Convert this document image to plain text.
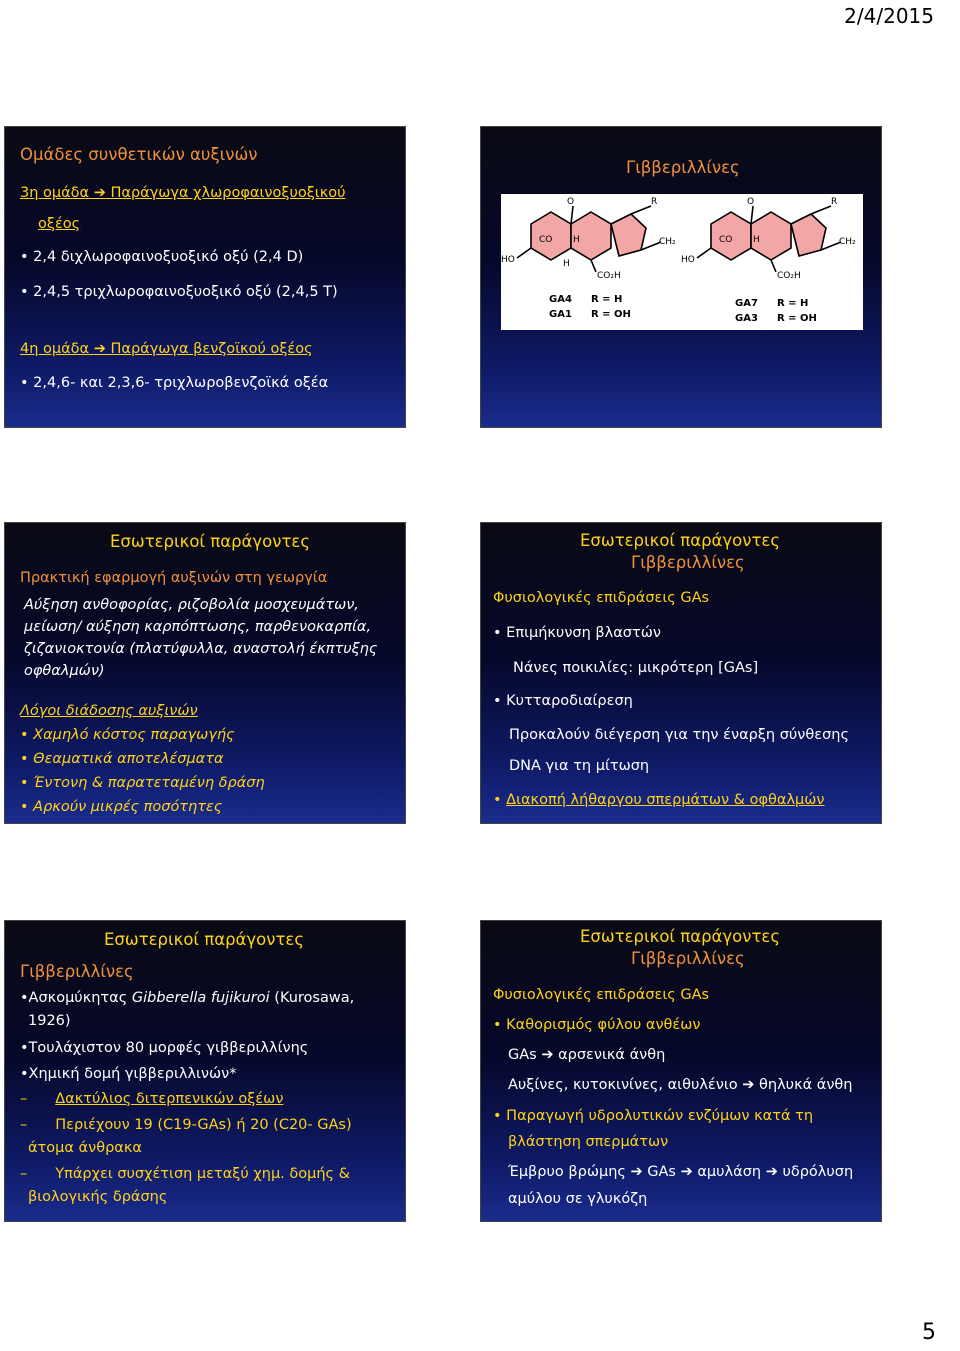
2/4/2015
Ομάδες συνθετικών αυξινών
3η ομάδα ➔ Παράγωγα χλωροφαινοξυοξικού
οξέος
• 2,4 διχλωροφαινοξυοξικό οξύ (2,4 D)
• 2,4,5 τριχλωροφαινοξυοξικό οξύ (2,4,5 Τ)
4η ομάδα ➔ Παράγωγα βενζοϊκού οξέος
• 2,4,6- και 2,3,6- τριχλωροβενζοϊκά οξέα
Γιββεριλλίνες
HO
CO
O
H
R
CH₂
H
CO₂H
HO
CO
O
H
R
CH₂
CO₂H
GA4
GA1
R = H
R = OH
GA7
GA3
R = H
R = OH
Εσωτερικοί παράγοντες
Πρακτική εφαρμογή αυξινών στη γεωργία
Αύξηση ανθοφορίας, ριζοβολία μοσχευμάτων,
μείωση/ αύξηση καρπόπτωσης, παρθενοκαρπία,
ζιζανιοκτονία (πλατύφυλλα, αναστολή έκπτυξης
οφθαλμών)
Λόγοι διάδοσης αυξινών
• Χαμηλό κόστος παραγωγής
• Θεαματικά αποτελέσματα
• Έντονη & παρατεταμένη δράση
• Αρκούν μικρές ποσότητες
Εσωτερικοί παράγοντες
Γιββεριλλίνες
Φυσιολογικές επιδράσεις GAs
• Επιμήκυνση βλαστών
Νάνες ποικιλίες: μικρότερη [GAs]
• Κυτταροδιαίρεση
Προκαλούν διέγερση για την έναρξη σύνθεσης
DNA για τη μίτωση
• Διακοπή λήθαργου σπερμάτων & οφθαλμών
Εσωτερικοί παράγοντες
Γιββεριλλίνες
•Ασκομύκητας Gibberella fujikuroi (Kurosawa,
1926)
•Τουλάχιστον 80 μορφές γιββεριλλίνης
•Χημική δομή γιββεριλλινών*
– Δακτύλιος διτερπενικών οξέων
– Περιέχουν 19 (C19-GAs) ή 20 (C20- GAs)
άτομα άνθρακα
– Υπάρχει συσχέτιση μεταξύ χημ. δομής &
βιολογικής δράσης
Εσωτερικοί παράγοντες
Γιββεριλλίνες
Φυσιολογικές επιδράσεις GAs
• Καθορισμός φύλου ανθέων
GAs ➔ αρσενικά άνθη
Αυξίνες, κυτοκινίνες, αιθυλένιο ➔ θηλυκά άνθη
• Παραγωγή υδρολυτικών ενζύμων κατά τη
βλάστηση σπερμάτων
Έμβρυο βρώμης ➔ GAs ➔ αμυλάση ➔ υδρόλυση
αμύλου σε γλυκόζη
5
